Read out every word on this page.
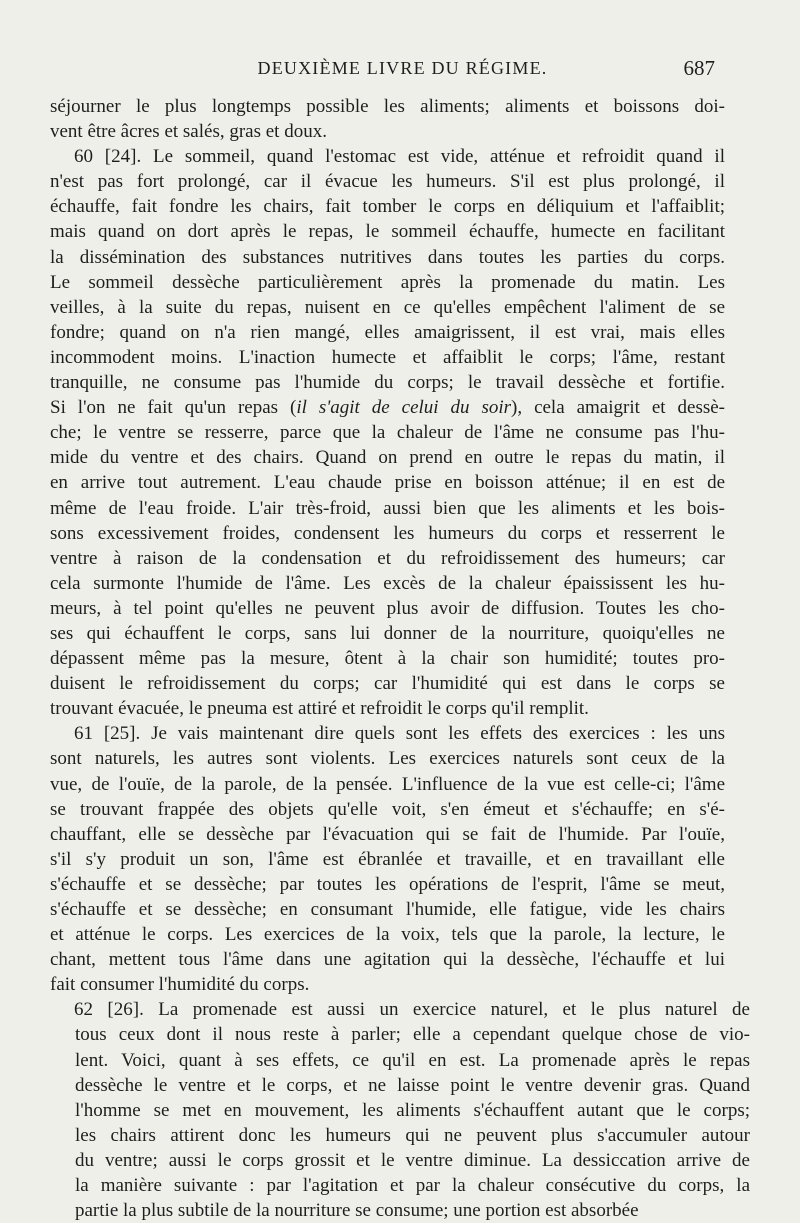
DEUXIÈME LIVRE DU RÉGIME.	687
séjourner le plus longtemps possible les aliments; aliments et boissons doi-
vent être âcres et salés, gras et doux.
60 [24]. Le sommeil, quand l'estomac est vide, atténue et refroidit quand il
n'est pas fort prolongé, car il évacue les humeurs. S'il est plus prolongé, il
échauffe, fait fondre les chairs, fait tomber le corps en déliquium et l'affaiblit;
mais quand on dort après le repas, le sommeil échauffe, humecte en facilitant
la dissémination des substances nutritives dans toutes les parties du corps.
Le sommeil dessèche particulièrement après la promenade du matin. Les
veilles, à la suite du repas, nuisent en ce qu'elles empêchent l'aliment de se
fondre; quand on n'a rien mangé, elles amaigrissent, il est vrai, mais elles
incommodent moins. L'inaction humecte et affaiblit le corps; l'âme, restant
tranquille, ne consume pas l'humide du corps; le travail dessèche et fortifie.
Si l'on ne fait qu'un repas (il s'agit de celui du soir), cela amaigrit et dessè-
che; le ventre se resserre, parce que la chaleur de l'âme ne consume pas l'hu-
mide du ventre et des chairs. Quand on prend en outre le repas du matin, il
en arrive tout autrement. L'eau chaude prise en boisson atténue; il en est de
même de l'eau froide. L'air très-froid, aussi bien que les aliments et les bois-
sons excessivement froides, condensent les humeurs du corps et resserrent le
ventre à raison de la condensation et du refroidissement des humeurs; car
cela surmonte l'humide de l'âme. Les excès de la chaleur épaississent les hu-
meurs, à tel point qu'elles ne peuvent plus avoir de diffusion. Toutes les cho-
ses qui échauffent le corps, sans lui donner de la nourriture, quoiqu'elles ne
dépassent même pas la mesure, ôtent à la chair son humidité; toutes pro-
duisent le refroidissement du corps; car l'humidité qui est dans le corps se
trouvant évacuée, le pneuma est attiré et refroidit le corps qu'il remplit.
61 [25]. Je vais maintenant dire quels sont les effets des exercices : les uns
sont naturels, les autres sont violents. Les exercices naturels sont ceux de la
vue, de l'ouïe, de la parole, de la pensée. L'influence de la vue est celle-ci; l'âme
se trouvant frappée des objets qu'elle voit, s'en émeut et s'échauffe; en s'é-
chauffant, elle se dessèche par l'évacuation qui se fait de l'humide. Par l'ouïe,
s'il s'y produit un son, l'âme est ébranlée et travaille, et en travaillant elle
s'échauffe et se dessèche; par toutes les opérations de l'esprit, l'âme se meut,
s'échauffe et se dessèche; en consumant l'humide, elle fatigue, vide les chairs
et atténue le corps. Les exercices de la voix, tels que la parole, la lecture, le
chant, mettent tous l'âme dans une agitation qui la dessèche, l'échauffe et lui
fait consumer l'humidité du corps.
62 [26]. La promenade est aussi un exercice naturel, et le plus naturel de
tous ceux dont il nous reste à parler; elle a cependant quelque chose de vio-
lent. Voici, quant à ses effets, ce qu'il en est. La promenade après le repas
dessèche le ventre et le corps, et ne laisse point le ventre devenir gras. Quand
l'homme se met en mouvement, les aliments s'échauffent autant que le corps;
les chairs attirent donc les humeurs qui ne peuvent plus s'accumuler autour
du ventre; aussi le corps grossit et le ventre diminue. La dessiccation arrive de
la manière suivante : par l'agitation et par la chaleur consécutive du corps, la
partie la plus subtile de la nourriture se consume; une portion est absorbée
